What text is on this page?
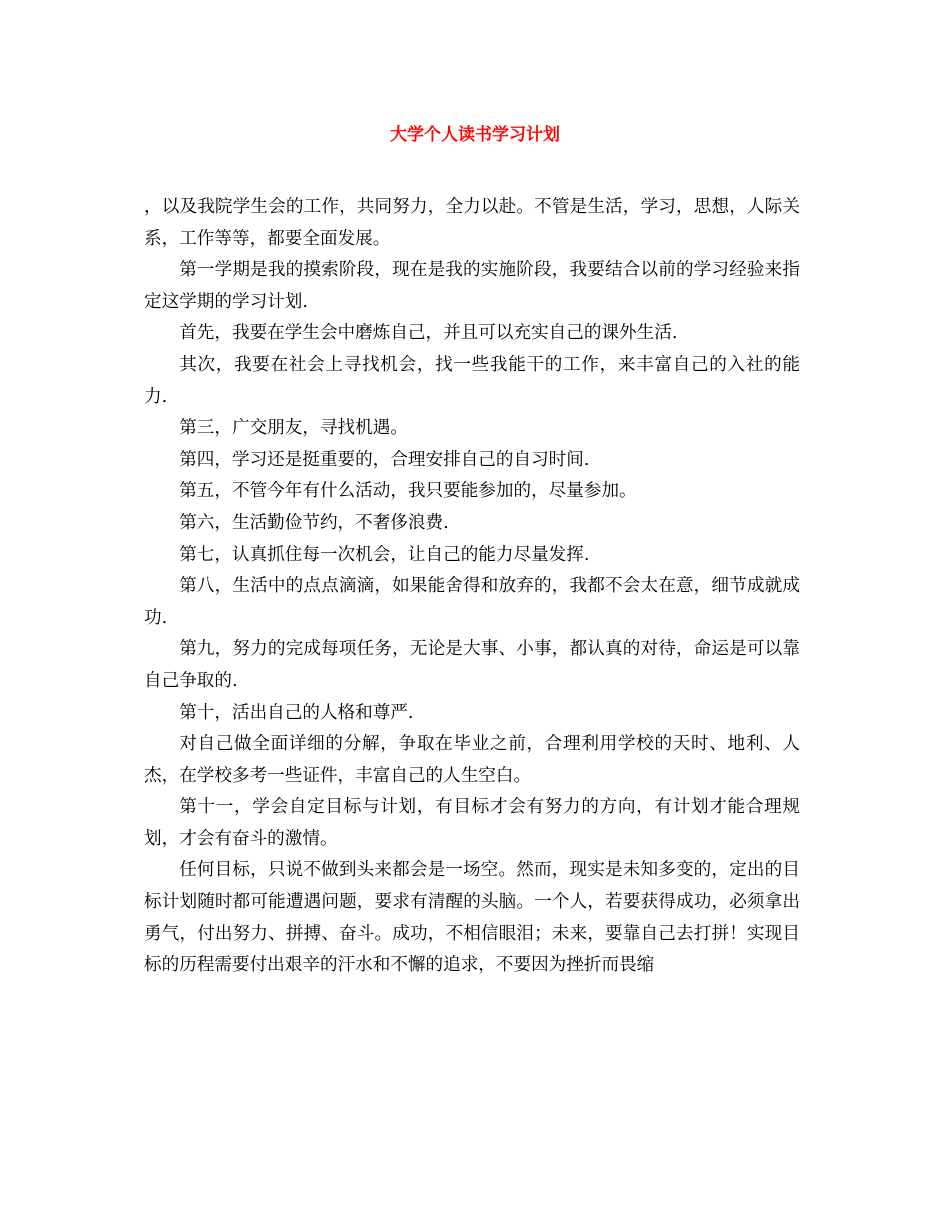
大学个人读书学习计划

，以及我院学生会的工作，共同努力，全力以赴。不管是生活，学习，思想，人际关系，工作等等，都要全面发展。

第一学期是我的摸索阶段，现在是我的实施阶段，我要结合以前的学习经验来指定这学期的学习计划.

首先，我要在学生会中磨炼自己，并且可以充实自己的课外生活.

其次，我要在社会上寻找机会，找一些我能干的工作，来丰富自己的入社的能力.

第三，广交朋友，寻找机遇。

第四，学习还是挺重要的，合理安排自己的自习时间.

第五，不管今年有什么活动，我只要能参加的，尽量参加。

第六，生活勤俭节约，不奢侈浪费.

第七，认真抓住每一次机会，让自己的能力尽量发挥.

第八，生活中的点点滴滴，如果能舍得和放弃的，我都不会太在意，细节成就成功.

第九，努力的完成每项任务，无论是大事、小事，都认真的对待，命运是可以靠自己争取的.

第十，活出自己的人格和尊严.

对自己做全面详细的分解，争取在毕业之前，合理利用学校的天时、地利、人杰，在学校多考一些证件，丰富自己的人生空白。

第十一，学会自定目标与计划，有目标才会有努力的方向，有计划才能合理规划，才会有奋斗的激情。

任何目标，只说不做到头来都会是一场空。然而，现实是未知多变的，定出的目标计划随时都可能遭遇问题，要求有清醒的头脑。一个人，若要获得成功，必须拿出勇气，付出努力、拼搏、奋斗。成功，不相信眼泪；未来，要靠自己去打拼！实现目标的历程需要付出艰辛的汗水和不懈的追求，不要因为挫折而畏缩
